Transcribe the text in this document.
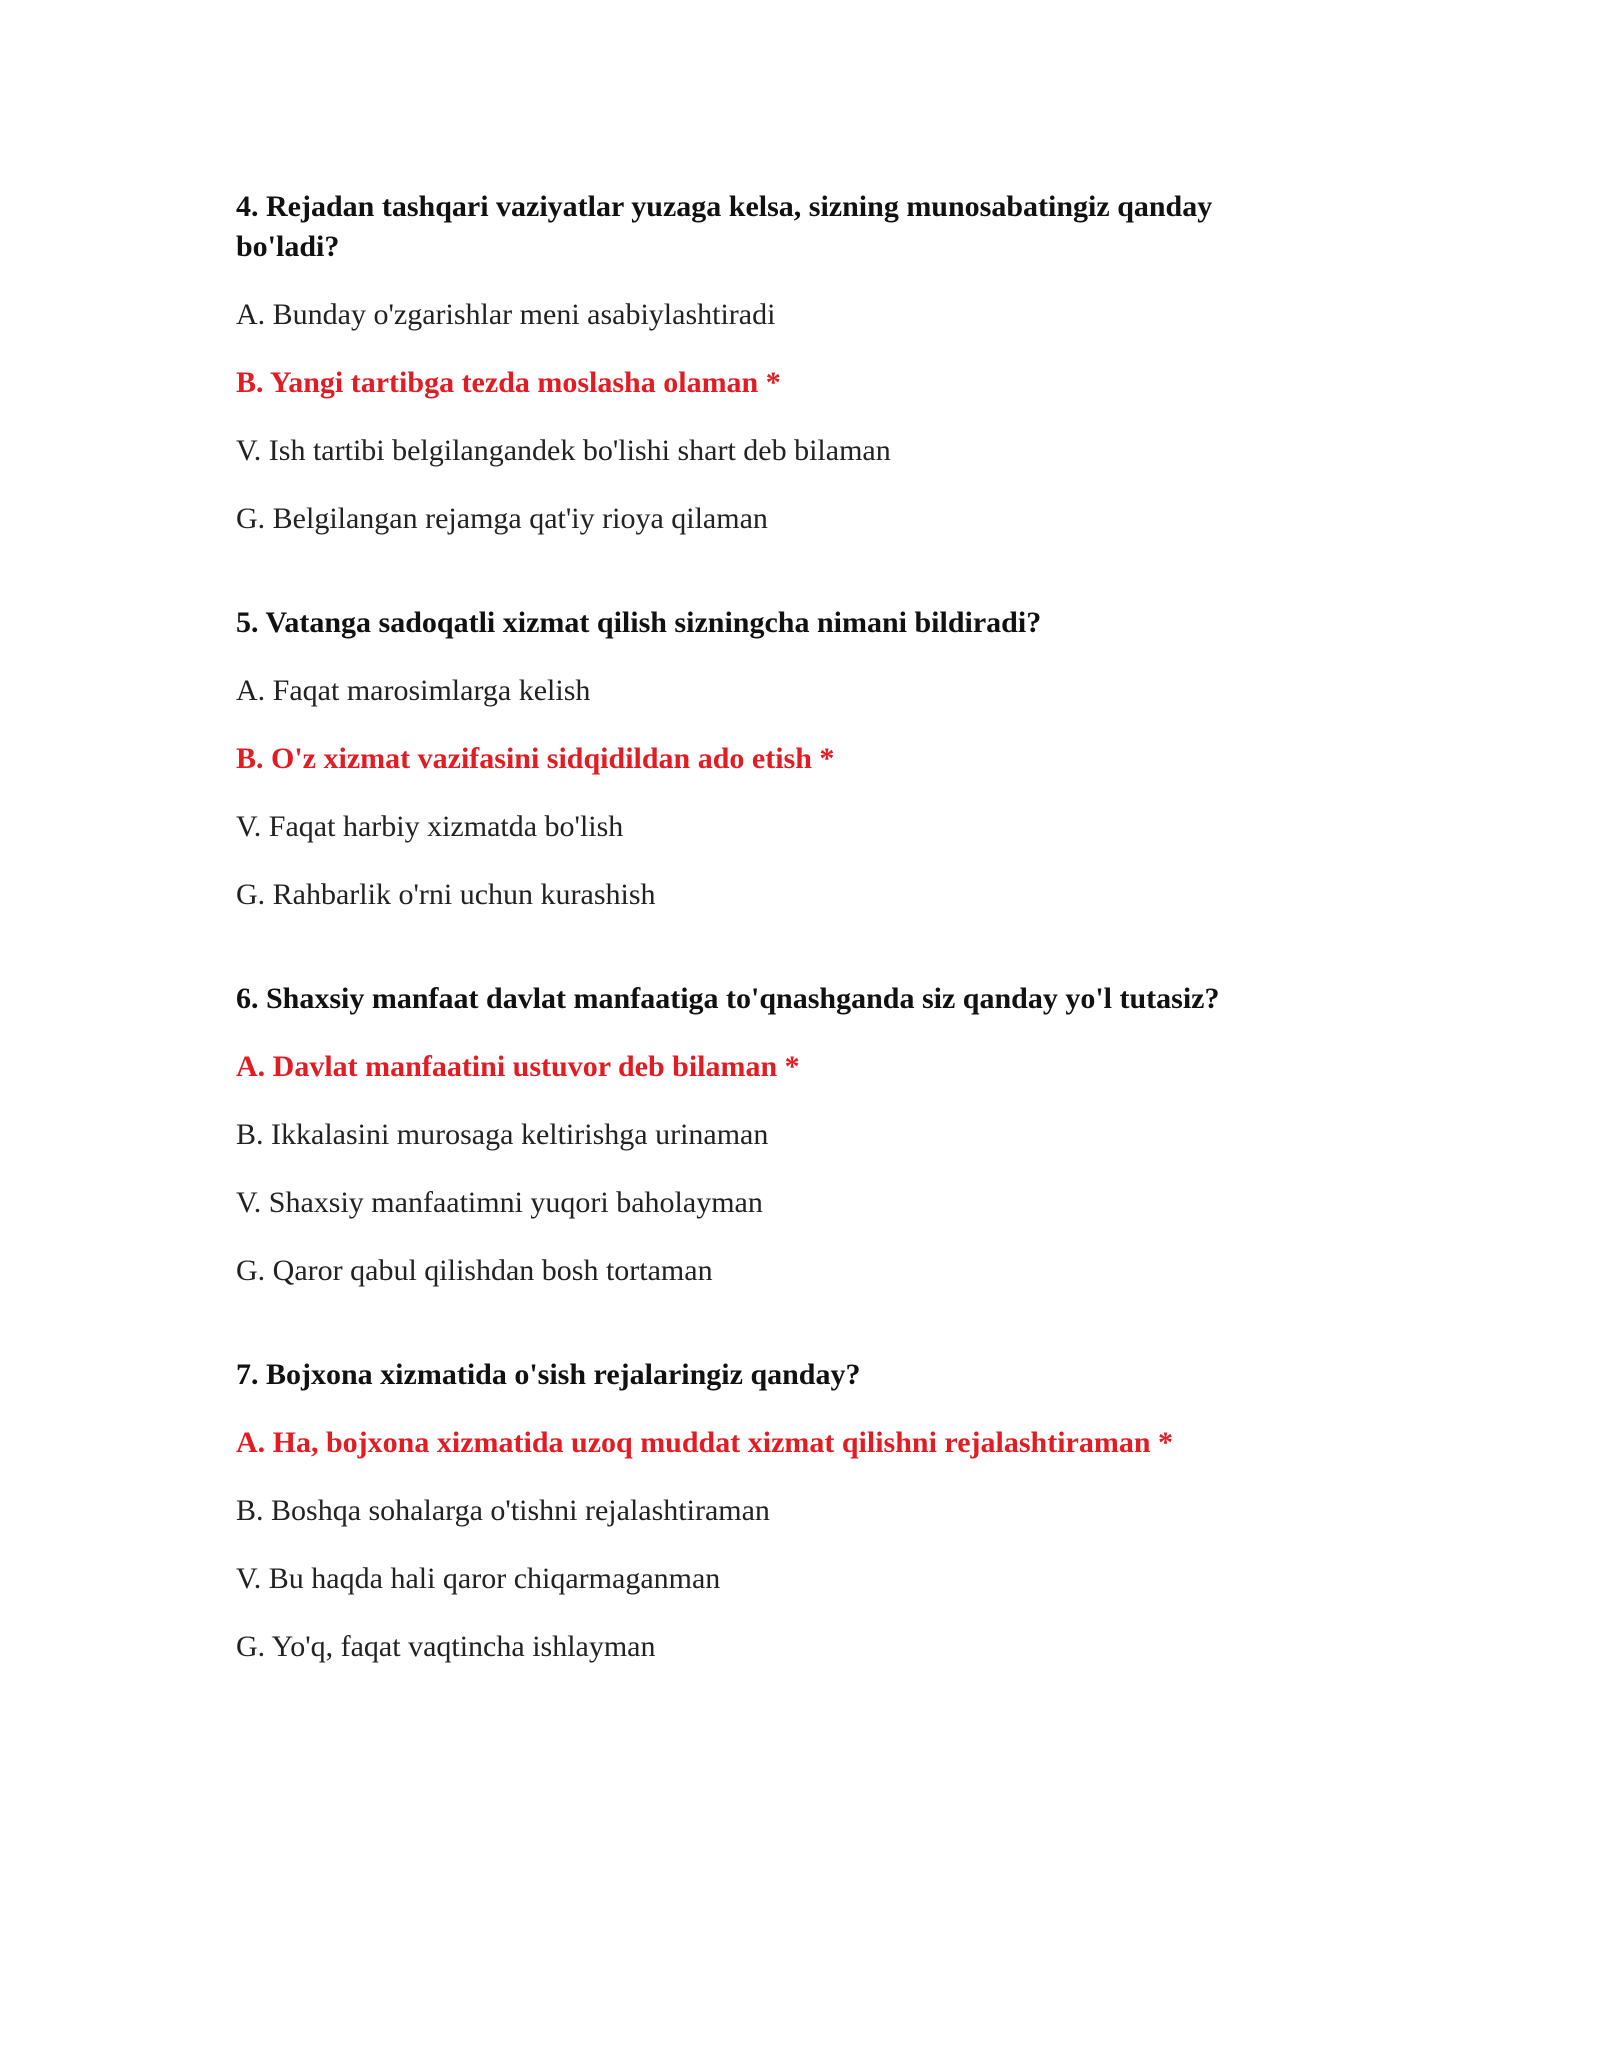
4. Rejadan tashqari vaziyatlar yuzaga kelsa, sizning munosabatingiz qanday bo'ladi?

A. Bunday o'zgarishlar meni asabiylashtiradi

B. Yangi tartibga tezda moslasha olaman *

V. Ish tartibi belgilangandek bo'lishi shart deb bilaman

G. Belgilangan rejamga qat'iy rioya qilaman

5. Vatanga sadoqatli xizmat qilish sizningcha nimani bildiradi?

A. Faqat marosimlarga kelish

B. O'z xizmat vazifasini sidqidildan ado etish *

V. Faqat harbiy xizmatda bo'lish

G. Rahbarlik o'rni uchun kurashish

6. Shaxsiy manfaat davlat manfaatiga to'qnashganda siz qanday yo'l tutasiz?

A. Davlat manfaatini ustuvor deb bilaman *

B. Ikkalasini murosaga keltirishga urinaman

V. Shaxsiy manfaatimni yuqori baholayman

G. Qaror qabul qilishdan bosh tortaman

7. Bojxona xizmatida o'sish rejalaringiz qanday?

A. Ha, bojxona xizmatida uzoq muddat xizmat qilishni rejalashtiraman *

B. Boshqa sohalarga o'tishni rejalashtiraman

V. Bu haqda hali qaror chiqarmaganman

G. Yo'q, faqat vaqtincha ishlayman
